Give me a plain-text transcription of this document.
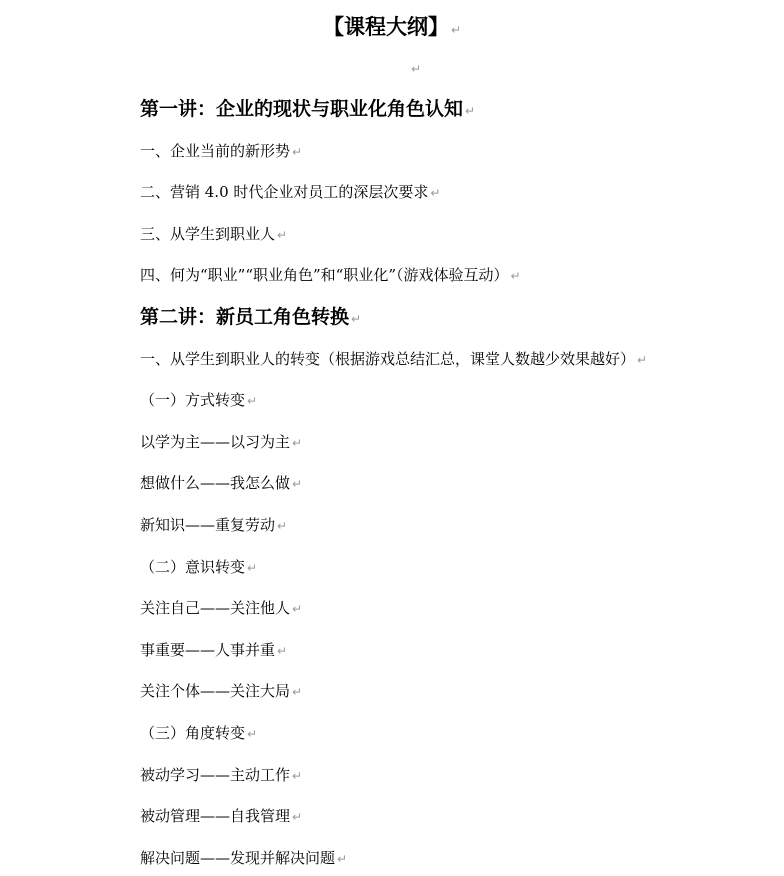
【课程大纲】 ↵
↵
第一讲：企业的现状与职业化角色认知 ↵
一、企业当前的新形势 ↵
二、营销 4.0 时代企业对员工的深层次要求 ↵
三、从学生到职业人 ↵
四、何为“职业”“职业角色”和“职业化”（游戏体验互动） ↵
第二讲：新员工角色转换 ↵
一、从学生到职业人的转变（根据游戏总结汇总，课堂人数越少效果越好） ↵
（一）方式转变 ↵
以学为主——以习为主 ↵
想做什么——我怎么做 ↵
新知识——重复劳动 ↵
（二）意识转变 ↵
关注自己——关注他人 ↵
事重要——人事并重 ↵
关注个体——关注大局 ↵
（三）角度转变 ↵
被动学习——主动工作 ↵
被动管理——自我管理 ↵
解决问题——发现并解决问题 ↵
